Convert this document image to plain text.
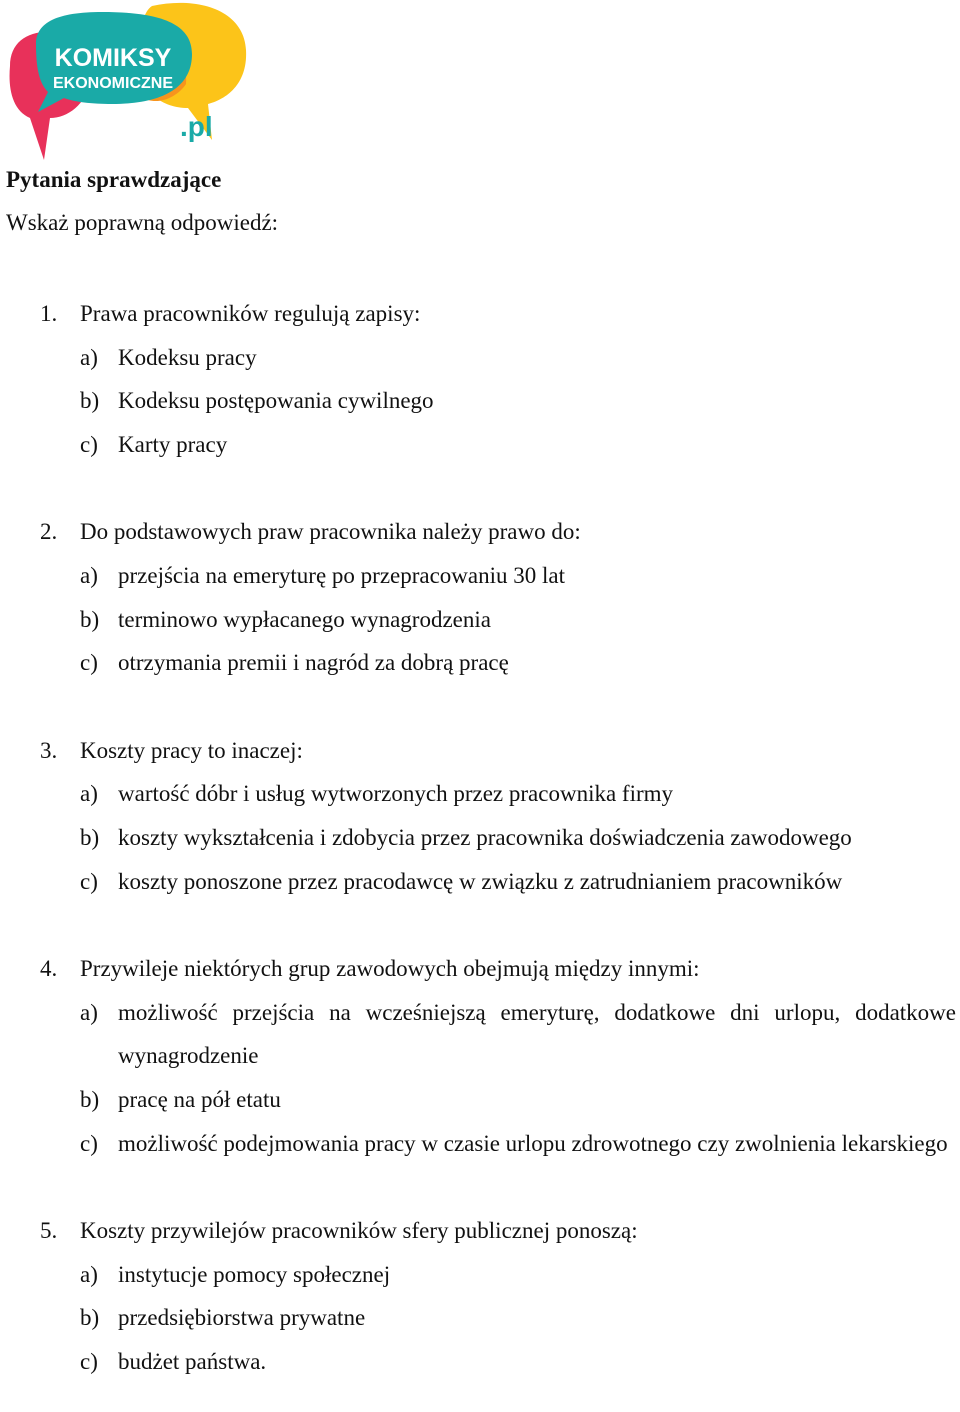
KOMIKSY
EKONOMICZNE
.pl
Pytania sprawdzające
Wskaż poprawną odpowiedź:
1. Prawa pracowników regulują zapisy:
a) Kodeksu pracy
b) Kodeksu postępowania cywilnego
c) Karty pracy
2. Do podstawowych praw pracownika należy prawo do:
a) przejścia na emeryturę po przepracowaniu 30 lat
b) terminowo wypłacanego wynagrodzenia
c) otrzymania premii i nagród za dobrą pracę
3. Koszty pracy to inaczej:
a) wartość dóbr i usług wytworzonych przez pracownika firmy
b) koszty wykształcenia i zdobycia przez pracownika doświadczenia zawodowego
c) koszty ponoszone przez pracodawcę w związku z zatrudnianiem pracowników
4. Przywileje niektórych grup zawodowych obejmują między innymi:
a) możliwość przejścia na wcześniejszą emeryturę, dodatkowe dni urlopu, dodatkowe wynagrodzenie
b) pracę na pół etatu
c) możliwość podejmowania pracy w czasie urlopu zdrowotnego czy zwolnienia lekarskiego
5. Koszty przywilejów pracowników sfery publicznej ponoszą:
a) instytucje pomocy społecznej
b) przedsiębiorstwa prywatne
c) budżet państwa.
